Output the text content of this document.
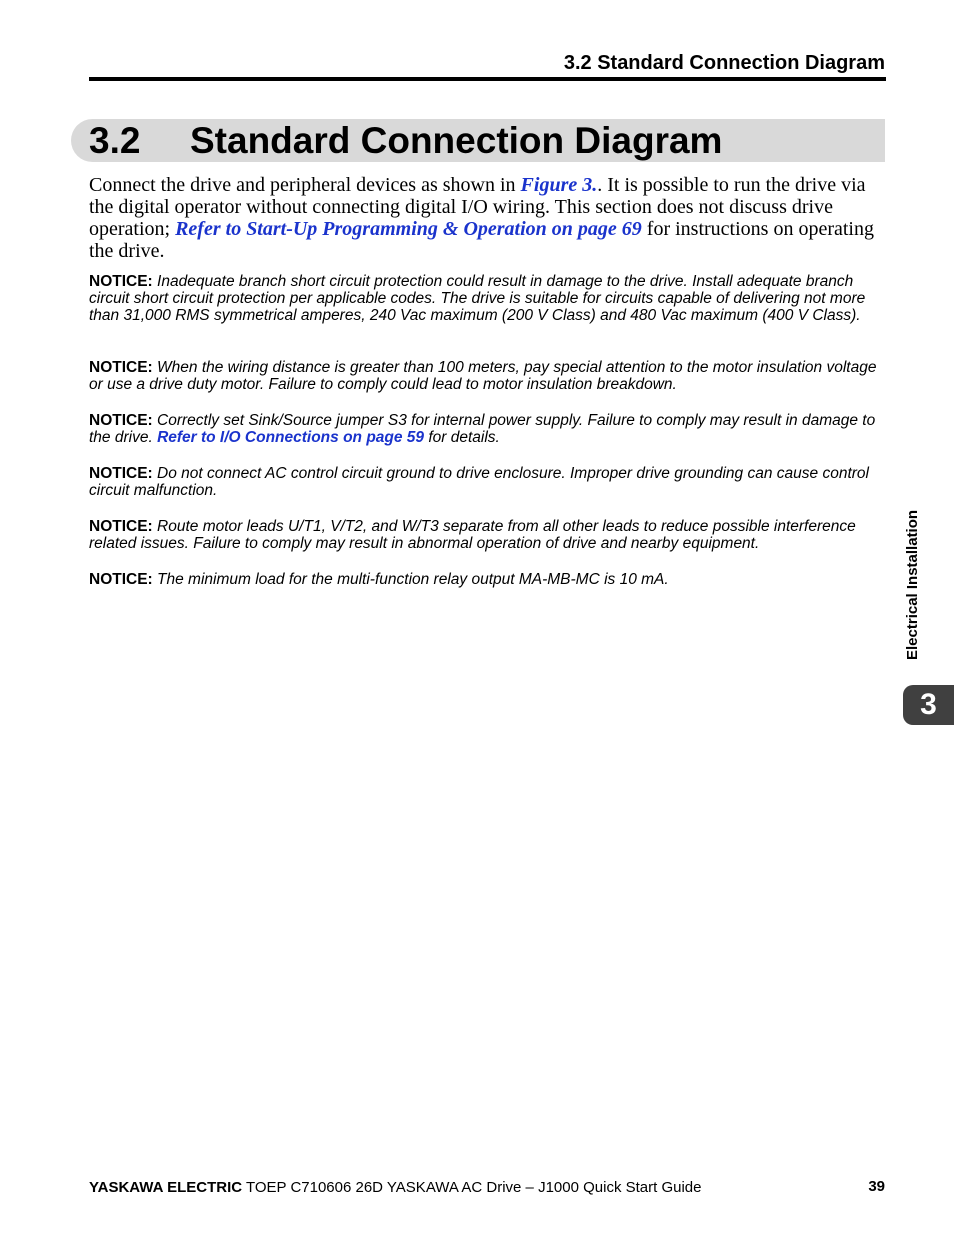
3.2 Standard Connection Diagram
3.2 Standard Connection Diagram
Connect the drive and peripheral devices as shown in Figure 3.. It is possible to run the drive via the digital operator without connecting digital I/O wiring. This section does not discuss drive operation; Refer to Start-Up Programming & Operation on page 69 for instructions on operating the drive.
NOTICE: Inadequate branch short circuit protection could result in damage to the drive. Install adequate branch circuit short circuit protection per applicable codes. The drive is suitable for circuits capable of delivering not more than 31,000 RMS symmetrical amperes, 240 Vac maximum (200 V Class) and 480 Vac maximum (400 V Class).
NOTICE: When the wiring distance is greater than 100 meters, pay special attention to the motor insulation voltage or use a drive duty motor. Failure to comply could lead to motor insulation breakdown.
NOTICE: Correctly set Sink/Source jumper S3 for internal power supply. Failure to comply may result in damage to the drive. Refer to I/O Connections on page 59 for details.
NOTICE: Do not connect AC control circuit ground to drive enclosure. Improper drive grounding can cause control circuit malfunction.
NOTICE: Route motor leads U/T1, V/T2, and W/T3 separate from all other leads to reduce possible interference related issues. Failure to comply may result in abnormal operation of drive and nearby equipment.
NOTICE: The minimum load for the multi-function relay output MA-MB-MC is 10 mA.	Electrical Installation
3
YASKAWA ELECTRIC TOEP C710606 26D YASKAWA AC Drive – J1000 Quick Start Guide	39
